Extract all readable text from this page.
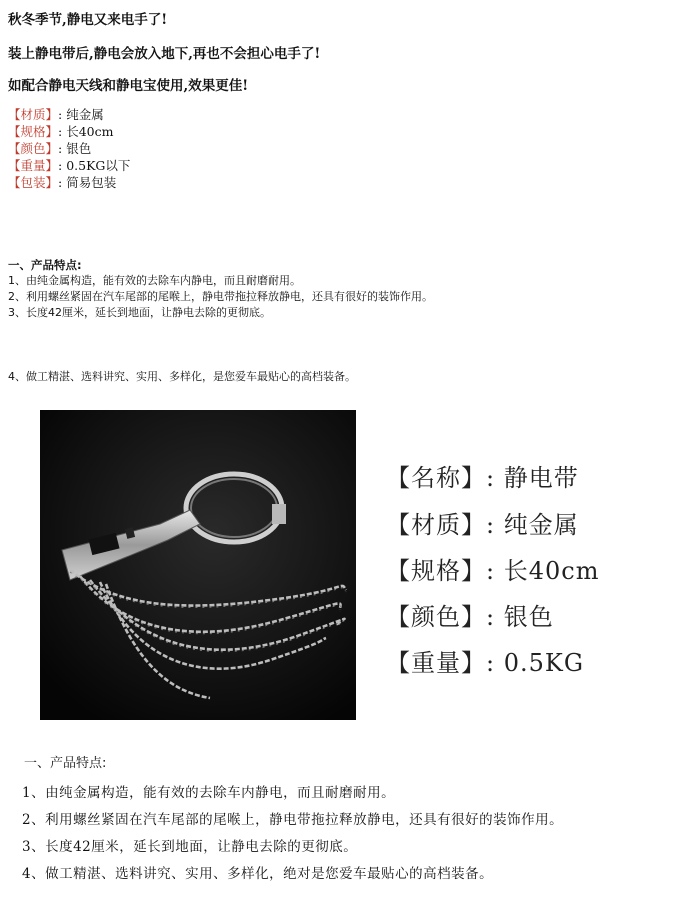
秋冬季节,静电又来电手了!
装上静电带后,静电会放入地下,再也不会担心电手了!
如配合静电天线和静电宝使用,效果更佳!
【材质】: 纯金属
【规格】: 长40cm
【颜色】: 银色
【重量】: 0.5KG以下
【包装】: 简易包装
一、产品特点:
1、由纯金属构造，能有效的去除车内静电，而且耐磨耐用。
2、利用螺丝紧固在汽车尾部的尾喉上，静电带拖拉释放静电，还具有很好的装饰作用。
3、长度42厘米，延长到地面，让静电去除的更彻底。
4、做工精湛、选料讲究、实用、多样化，是您爱车最贴心的高档装备。
【名称】: 静电带
【材质】: 纯金属
【规格】: 长40cm
【颜色】: 银色
【重量】: 0.5KG
一、产品特点:
1、由纯金属构造，能有效的去除车内静电，而且耐磨耐用。
2、利用螺丝紧固在汽车尾部的尾喉上，静电带拖拉释放静电，还具有很好的装饰作用。
3、长度42厘米，延长到地面，让静电去除的更彻底。
4、做工精湛、选料讲究、实用、多样化，绝对是您爱车最贴心的高档装备。
